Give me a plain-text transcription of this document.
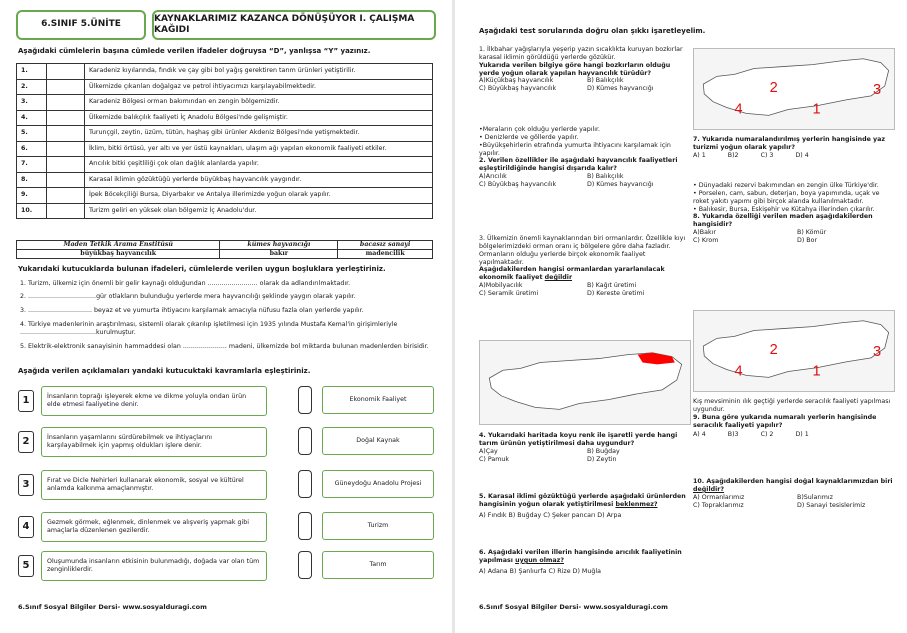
6.SINIF 5.ÜNİTE
KAYNAKLARIMIZ KAZANCA DÖNÜŞÜYOR I. ÇALIŞMA KAĞIDI
Aşağıdaki cümlelerin başına cümlede verilen ifadeler doğruysa “D”, yanlışsa “Y” yazınız.
1.		Karadeniz kıyılarında, fındık ve çay gibi bol yağış gerektiren tarım ürünleri yetiştirilir.
2.		Ülkemizde çıkarılan doğalgaz ve petrol ihtiyacımızı karşılayabilmektedir.
3.		Karadeniz Bölgesi orman bakımından en zengin bölgemizdir.
4.		Ülkemizde balıkçılık faaliyeti İç Anadolu Bölgesi'nde gelişmiştir.
5.		Turunçgil, zeytin, üzüm, tütün, haşhaş gibi ürünler Akdeniz Bölgesi'nde yetişmektedir.
6.		İklim, bitki örtüsü, yer altı ve yer üstü kaynakları, ulaşım ağı yapılan ekonomik faaliyeti etkiler.
7.		Arıcılık bitki çeşitliliği çok olan dağlık alanlarda yapılır.
8.		Karasal iklimin gözüktüğü yerlerde büyükbaş hayvancılık yaygındır.
9.		İpek Böcekçiliği Bursa, Diyarbakır ve Antalya illerimizde yoğun olarak yapılır.
10.		Turizm geliri en yüksek olan bölgemiz İç Anadolu'dur.
Maden Tetkik Arama Enstitüsü	kümes hayvancığı	bacasız sanayi
büyükbaş hayvancılık	bakır	madencilik
Yukarıdaki kutucuklarda bulunan ifadeleri, cümlelerde verilen uygun boşluklara yerleştiriniz.
1. Turizm, ülkemiz için önemli bir gelir kaynağı olduğundan ......................... olarak da adlandırılmaktadır.
2. ..................................gür otlakların bulunduğu yerlerde mera hayvancılığı şeklinde yaygın olarak yapılır.
3. ................................ beyaz et ve yumurta ihtiyacını karşılamak amacıyla nüfusu fazla olan yerlerde yapılır.
4. Türkiye madenlerinin araştırılması, sistemli olarak çıkarılıp işletilmesi için 1935 yılında Mustafa Kemal'in girişimleriyle ......................................kurulmuştur.
5. Elektrik-elektronik sanayisinin hammaddesi olan ...................... madeni, ülkemizde bol miktarda bulunan madenlerden birisidir.
Aşağıda verilen açıklamaları yandaki kutucuktaki kavramlarla eşleştiriniz.
1	İnsanların toprağı işleyerek ekme ve dikme yoluyla ondan ürün elde etmesi faaliyetine denir.
Ekonomik Faaliyet
2	İnsanların yaşamlarını sürdürebilmek ve ihtiyaçlarını karşılayabilmek için yapmış oldukları işlere denir.
Doğal Kaynak
3	Fırat ve Dicle Nehirleri kullanarak ekonomik, sosyal ve kültürel anlamda kalkınma amaçlanmıştır.
Güneydoğu Anadolu Projesi
4	Gezmek görmek, eğlenmek, dinlenmek ve alışveriş yapmak gibi amaçlarla düzenlenen gezilerdir.
Turizm
5	Oluşumunda insanların etkisinin bulunmadığı, doğada var olan tüm zenginliklerdir.
Tarım
6.Sınıf Sosyal Bilgiler Dersi- www.sosyalduragi.com
Aşağıdaki test sorularında doğru olan şıkkı işaretleyelim.
1. İlkbahar yağışlarıyla yeşerip yazın sıcaklıkta kuruyan bozkırlar karasal iklimin görüldüğü yerlerde gözükür.
Yukarıda verilen bilgiye göre hangi bozkırların olduğu yerde yoğun olarak yapılan hayvancılık türüdür?
A)Küçükbaş hayvancılık	B) Balıkçılık
C) Büyükbaş hayvancılık	D) Kümes hayvancığı
•Meraların çok olduğu yerlerde yapılır.
• Denizlerde ve göllerde yapılır.
•Büyükşehirlerin etrafında yumurta ihtiyacını karşılamak için yapılır.
2. Verilen özellikler ile aşağıdaki hayvancılık faaliyetleri eşleştirildiğinde hangisi dışarıda kalır?
A)Arıcılık	B) Balıkçılık
C) Büyükbaş hayvancılık	D) Kümes hayvancığı
3. Ülkemizin önemli kaynaklarından biri ormanlardır. Özellikle kıyı bölgelerimizdeki orman oranı iç bölgelere göre daha fazladır. Ormanların olduğu yerlerde birçok ekonomik faaliyet yapılmaktadır.
Aşağıdakilerden hangisi ormanlardan yararlanılacak ekonomik faaliyet değildir
A)Mobilyacılık	B) Kağıt üretimi
C) Seramik üretimi	D) Kereste üretimi
4. Yukarıdaki haritada koyu renk ile işaretli yerde hangi tarım ürünün yetiştirilmesi daha uygundur?
A)Çay	B) Buğday
C) Pamuk	D) Zeytin
5. Karasal iklimi gözüktüğü yerlerde aşağıdaki ürünlerden hangisinin yoğun olarak yetiştirilmesi beklenmez?
A) Fındık B) Buğday C) Şeker pancarı D) Arpa
6. Aşağıdaki verilen illerin hangisinde arıcılık faaliyetinin yapılması uygun olmaz?
A) Adana B) Şanlıurfa C) Rize D) Muğla
2
1
3
4
7. Yukarıda numaralandırılmış yerlerin hangisinde yaz turizmi yoğun olarak yapılır?
A) 1	B)2	C) 3	D) 4
• Dünyadaki rezervi bakımından en zengin ülke Türkiye'dir.
• Porselen, cam, sabun, deterjan, boya yapımında, uçak ve roket yakıtı yapımı gibi birçok alanda kullanılmaktadır.
• Balıkesir, Bursa, Eskişehir ve Kütahya illerinden çıkarılır.
8. Yukarıda özelliği verilen maden aşağıdakilerden hangisidir?
A)Bakır	B) Kömür
C) Krom	D) Bor
2
1
3
4
Kış mevsiminin ılık geçtiği yerlerde seracılık faaliyeti yapılması uygundur.
9. Buna göre yukarıda numaralı yerlerin hangisinde seracılık faaliyeti yapılır?
A) 4	B)3	C) 2	D) 1
10. Aşağıdakilerden hangisi doğal kaynaklarımızdan biri değildir?
A) Ormanlarımız	B)Sularımız
C) Topraklarımız	D) Sanayi tesislerimiz
6.Sınıf Sosyal Bilgiler Dersi- www.sosyalduragi.com
